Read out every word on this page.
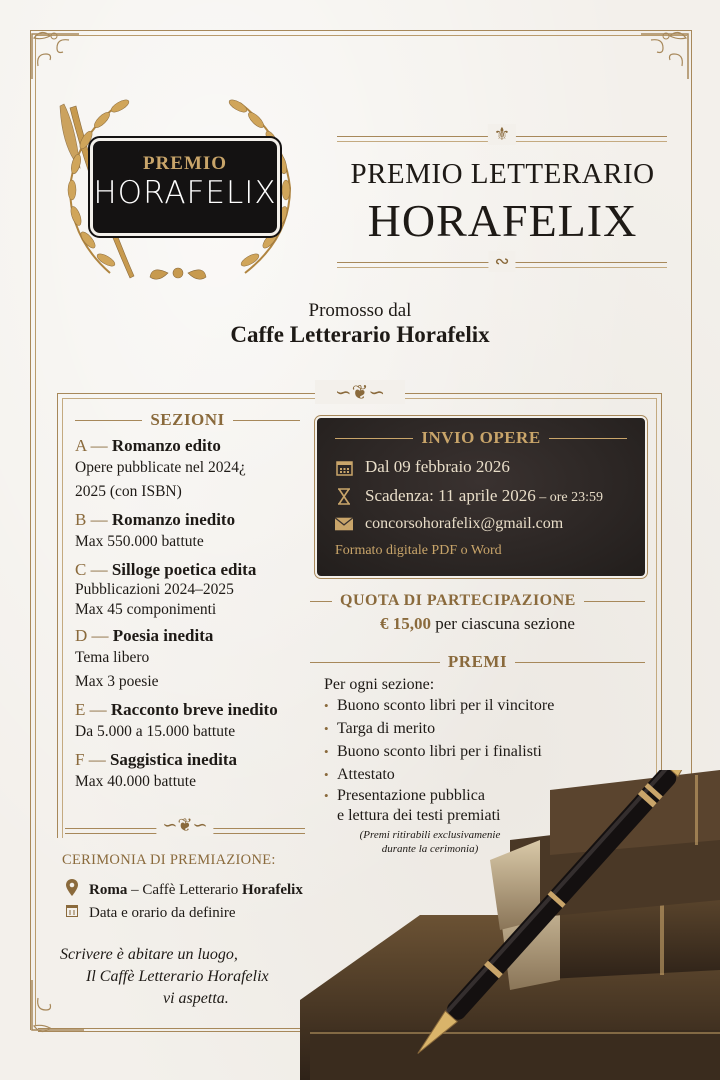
PREMIO
HORAFELIX
⚜
PREMIO LETTERARIO
HORAFELIX
∾
Promosso dal
Caffe Letterario Horafelix
∽❦∽
SEZIONI
A — Romanzo edito
Opere pubblicate nel 2024¿
2025 (con ISBN)
B — Romanzo inedito
Max 550.000 battute
C — Silloge poetica edita
Pubblicazioni 2024–2025
Max 45 componimenti
D — Poesia inedita
Tema libero
Max 3 poesie
E — Racconto breve inedito
Da 5.000 a 15.000 battute
F — Saggistica inedita
Max 40.000 battute
INVIO OPERE
Dal 09 febbraio 2026
Scadenza: 11 aprile 2026 – ore 23:59
concorsohorafelix@gmail.com
Formato digitale PDF o Word
QUOTA DI PARTECIPAZIONE
€ 15,00 per ciascuna sezione
PREMI
Per ogni sezione:
• Buono sconto libri per il vincitore
• Targa di merito
• Buono sconto libri per i finalisti
• Attestato
• Presentazione pubblica
e lettura dei testi premiati
(Premi ritirabili exclusivamenie
durante la cerimonia)
∽❦∽
CERIMONIA DI PREMIAZIONE:
Roma – Caffè Letterario Horafelix
Data e orario da definire
Scrivere è abitare un luogo,
Il Caffè Letterario Horafelix
vi aspetta.
